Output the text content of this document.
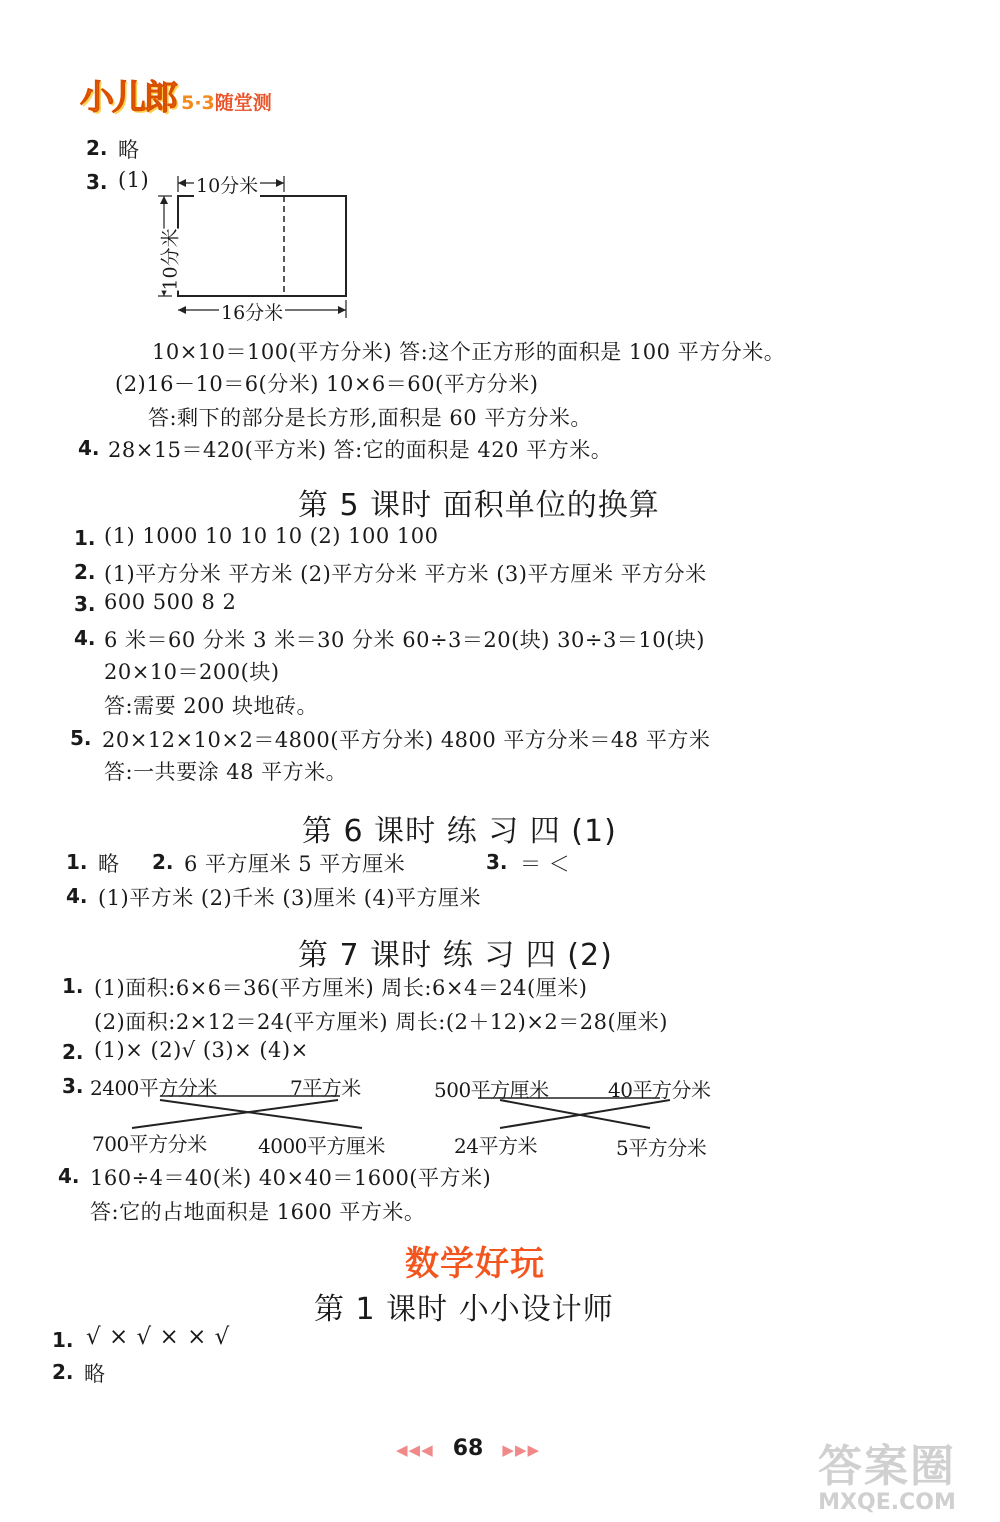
小儿郎 5·3随堂测
2. 略
3. (1) 10分米
10分米
16分米
10×10＝100(平方分米) 答:这个正方形的面积是 100 平方分米。
(2)16－10＝6(分米) 10×6＝60(平方分米)
答:剩下的部分是长方形,面积是 60 平方分米。
4. 28×15＝420(平方米) 答:它的面积是 420 平方米。
第 5 课时 面积单位的换算
1. (1) 1000 10 10 10 (2) 100 100
2. (1)平方分米 平方米 (2)平方分米 平方米 (3)平方厘米 平方分米
3. 600 500 8 2
4. 6 米＝60 分米 3 米＝30 分米 60÷3＝20(块) 30÷3＝10(块)
20×10＝200(块)
答:需要 200 块地砖。
5. 20×12×10×2＝4800(平方分米) 4800 平方分米＝48 平方米
答:一共要涂 48 平方米。
第 6 课时 练 习 四 (1)
1. 略 2. 6 平方厘米 5 平方厘米	3. ＝ ＜
4. (1)平方米 (2)千米 (3)厘米 (4)平方厘米
第 7 课时 练 习 四 (2)
1. (1)面积:6×6＝36(平方厘米) 周长:6×4＝24(厘米)
(2)面积:2×12＝24(平方厘米) 周长:(2＋12)×2＝28(厘米)
2. (1)× (2)√ (3)× (4)×
3. 2400平方分米	7平方米	500平方厘米	40平方分米
700平方分米	4000平方厘米	24平方米	5平方分米
4. 160÷4＝40(米) 40×40＝1600(平方米)
答:它的占地面积是 1600 平方米。
数学好玩
第 1 课时 小小设计师
1. √ × √ × × √
2. 略
◀◀◀ 68 ▶▶▶	答案圈
MXQE.COM
